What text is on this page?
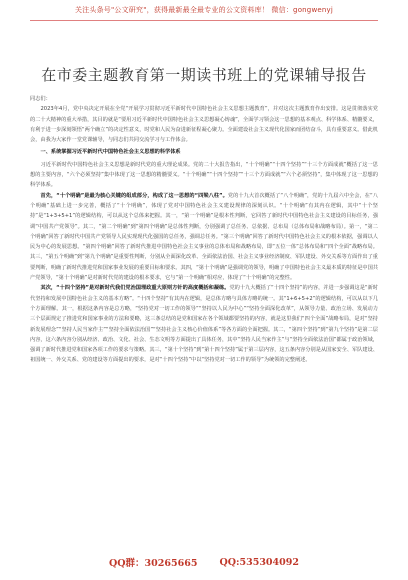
关注头条号"公文研究"，获得最新最全最专业的公文资料库！ 微信：gongwenyj
在市委主题教育第一期读书班上的党课辅导报告

同志们：

2023年4月，党中央决定开展在全党“开展学习贯彻习近平新时代中国特色社会主义思想主题教育”，并对这次主题教育作出安排。这是贯彻落实党的二十大精神的重大举措，其目的就是“要用习近平新时代中国特色社会主义思想凝心铸魂”，全面学习领会这一思想的基本观点、科学体系、精髓要义，有利于进一步深刻领悟“两个确立”的决定性意义，时党和人民为奋进新征程凝心聚力。全面建设社会主义现代化国家而团结奋斗，具有重要意义。借此机会，由我为大家作一堂党课辅导，与同志们共同交流学习与工作体会。

一、系统掌握习近平新时代中国特色社会主义思想的科学体系

习近平新时代中国特色社会主义思想是新时代党的重大理论成果。党的二十大报告指出，“十个明确”“十四个坚持”“十三个方面成就”概括了这一思想的主要内容，“六个必须坚持”集中体现了这一思想的精髓要义。“十个明确”“十四个坚持”“十三个方面成就”“六个必须坚持”，集中体现了这一思想的科学体系。

首先，“十个明确”是最为核心关键的组成部分，构成了这一思想的“四梁八柱”。党的十九大首次概括了“八个明确”，党的十九届六中全会，在“八个明确”基础上进一步完善，概括了“十个明确”，体现了党对中国特色社会主义建设规律的深刻认识。“十个明确”有其内在逻辑，其中“十个坚持”是“1+3+5+1”的逻辑结构，可以从这个总体来把握。其一，“第一个明确”是根本性判断，它回答了新时代中国特色社会主义建设的目标任务，强调“中国共产党领导”。其二，“第二个明确”到“第四个明确”是总体性判断，分别强调了总任务、总依据、总布局（总体布局和战略布局）。第一，“第二个明确”回答了新时代中国共产党领导人民实现现代化强国的总任务，强调总任务。“第三个明确”回答了新时代中国特色社会主义的根本依据，强调以人民为中心的发展思想。“第四个明确”回答了新时代推进中国特色社会主义事业的总体布局和战略布局，即“五位一体”总体布局和“四个全面”战略布局。其三，“第五个明确”到“第九个明确”是重要性判断，分别从全面深化改革、全面依法治国、社会主义事业经济制度、军队建设、外交关系等方面作出了重要判断，明确了新时代推进党和国家事业发展的重要目标和要求。其四，“第十个明确”是强调党的领导，明确了中国特色社会主义最本质的特征是中国共产党领导，“第十个明确”是对新时代党的建设的根本要求，它与“第一个明确”相对应，体现了“十个明确”的完整性。

其次，“十四个坚持”是对新时代我们党治国理政重大原则方针的高度概括和凝练。党的十九大概括了“十四个坚持”的内容，并进一步强调这是“新时代坚持和发展中国特色社会主义的基本方略”。“十四个坚持”有其内在逻辑，是总体方略与具体方略的统一。其“1+6+5+2”的逻辑结构，可以从以下几个方面理解。其一，根据这条内容是总方略，“坚持党对一切工作的领导”“坚持以人民为中心”“坚持全面深化改革”，从领导力量、政治立场、发展动力三个层面规定了推进党和国家事业的方法和要略，这三条总结的是党和国家在各个领域都要坚持的内容，就是这里我们“四个全面”战略布局，是对“坚持新发展理念”“坚持人民当家作主”“坚持全面依法治国”“坚持社会主义核心价值体系”等各方面的全面把握。其二，“第四个坚持”到“第九个坚持”是第二层内容，这六条内容分别从经济、政治、文化、社会、生态文明等方面提出了具体任务，其中“坚持人民当家作主”与“坚持全面依法治国”都属于政治领域，强调了新时代推进党和国家各项工作的要求与策略。其三，“第十个坚持”到“第十四个坚持”属于第三层内容，这五条内容分别是从国家安全、军队建设、祖国统一、外交关系、党的建设等方面提出的要求，是对“十四个坚持”中以“坚持党对一切工作的领导”为统领的完整阐述。

QQ群：30265665 QQ:535304092
